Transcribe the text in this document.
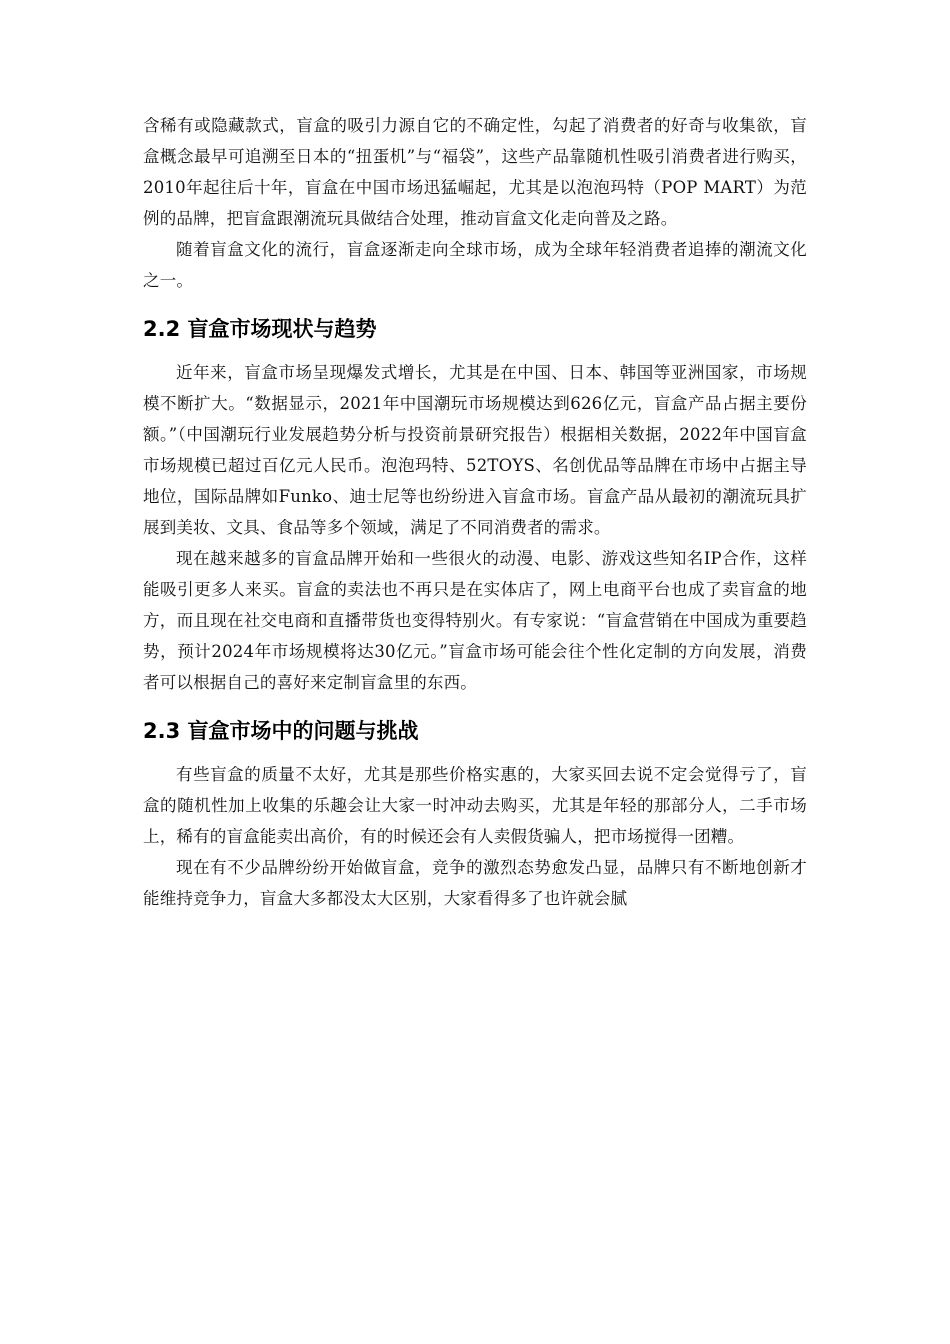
含稀有或隐藏款式，盲盒的吸引力源自它的不确定性，勾起了消费者的好奇与收集欲，盲盒概念最早可追溯至日本的“扭蛋机”与“福袋”，这些产品靠随机性吸引消费者进行购买，2010年起往后十年，盲盒在中国市场迅猛崛起，尤其是以泡泡玛特（POP MART）为范例的品牌，把盲盒跟潮流玩具做结合处理，推动盲盒文化走向普及之路。

随着盲盒文化的流行，盲盒逐渐走向全球市场，成为全球年轻消费者追捧的潮流文化之一。

2.2 盲盒市场现状与趋势

近年来，盲盒市场呈现爆发式增长，尤其是在中国、日本、韩国等亚洲国家，市场规模不断扩大。“数据显示，2021年中国潮玩市场规模达到626亿元，盲盒产品占据主要份额。”（中国潮玩行业发展趋势分析与投资前景研究报告）根据相关数据，2022年中国盲盒市场规模已超过百亿元人民币。泡泡玛特、52TOYS、名创优品等品牌在市场中占据主导地位，国际品牌如Funko、迪士尼等也纷纷进入盲盒市场。盲盒产品从最初的潮流玩具扩展到美妆、文具、食品等多个领域，满足了不同消费者的需求。

现在越来越多的盲盒品牌开始和一些很火的动漫、电影、游戏这些知名IP合作，这样能吸引更多人来买。盲盒的卖法也不再只是在实体店了，网上电商平台也成了卖盲盒的地方，而且现在社交电商和直播带货也变得特别火。有专家说：“盲盒营销在中国成为重要趋势，预计2024年市场规模将达30亿元。”盲盒市场可能会往个性化定制的方向发展，消费者可以根据自己的喜好来定制盲盒里的东西。

2.3 盲盒市场中的问题与挑战

有些盲盒的质量不太好，尤其是那些价格实惠的，大家买回去说不定会觉得亏了，盲盒的随机性加上收集的乐趣会让大家一时冲动去购买，尤其是年轻的那部分人，二手市场上，稀有的盲盒能卖出高价，有的时候还会有人卖假货骗人，把市场搅得一团糟。

现在有不少品牌纷纷开始做盲盒，竞争的激烈态势愈发凸显，品牌只有不断地创新才能维持竞争力，盲盒大多都没太大区别，大家看得多了也许就会腻
